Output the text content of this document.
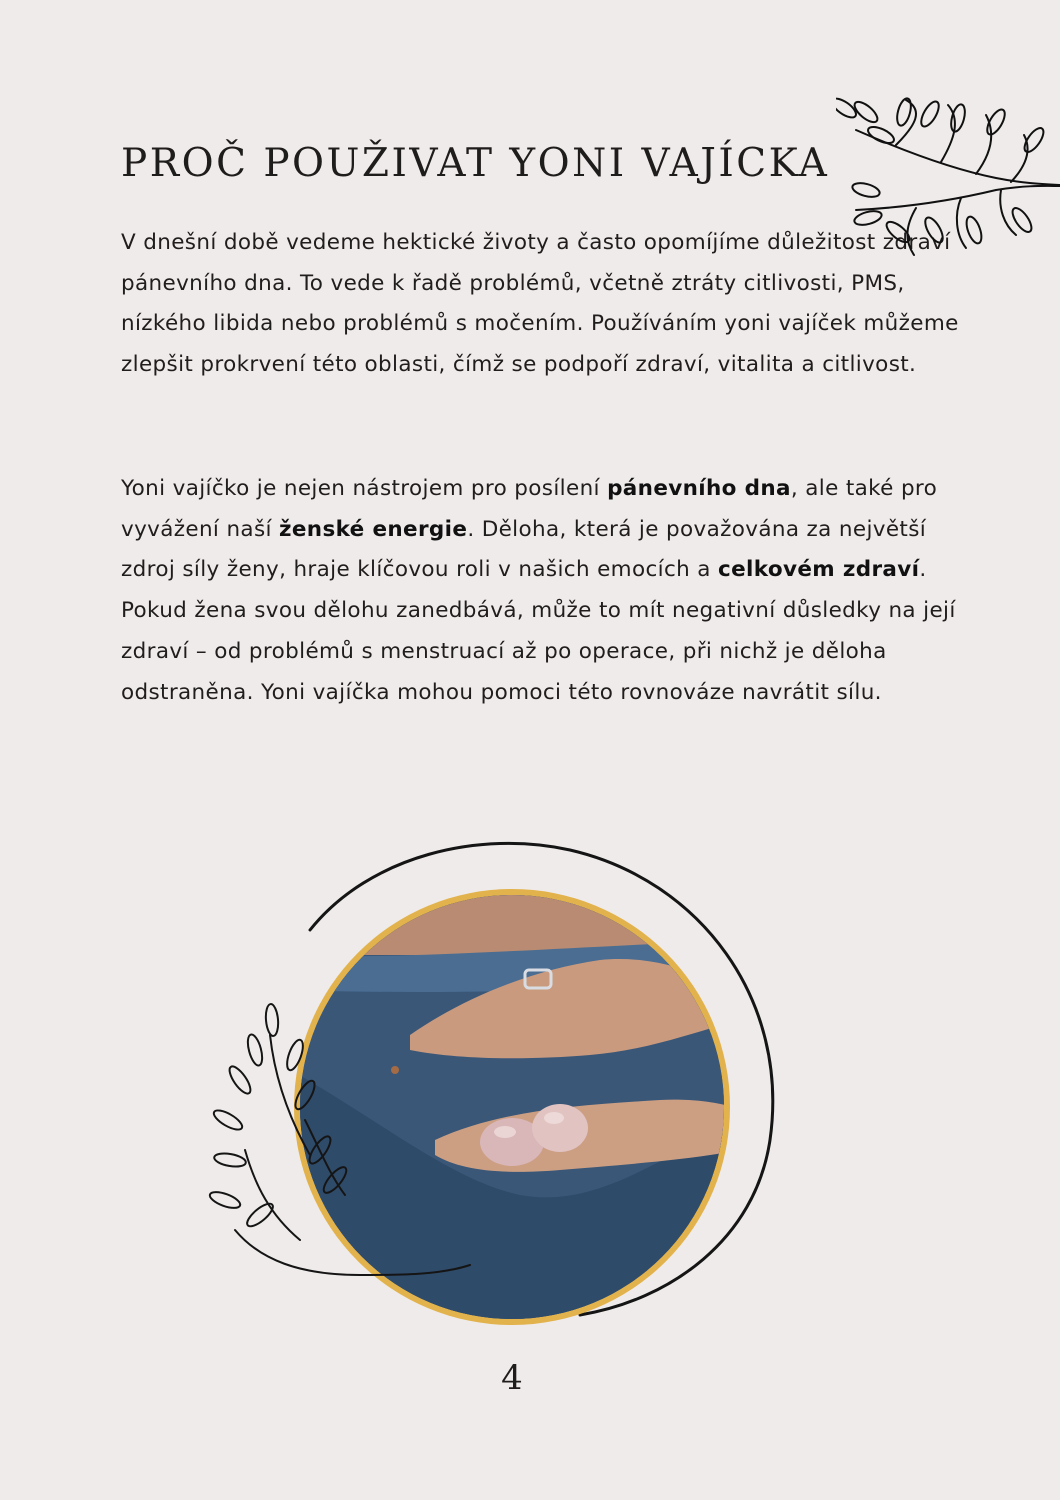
PROČ POUŽIVAT YONI VAJÍCKA

V dnešní době vedeme hektické životy a často opomíjíme důležitost zdraví pánevního dna. To vede k řadě problémů, včetně ztráty citlivosti, PMS, nízkého libida nebo problémů s močením. Používáním yoni vajíček můžeme zlepšit prokrvení této oblasti, čímž se podpoří zdraví, vitalita a citlivost.

Yoni vajíčko je nejen nástrojem pro posílení pánevního dna, ale také pro vyvážení naší ženské energie. Děloha, která je považována za největší zdroj síly ženy, hraje klíčovou roli v našich emocích a celkovém zdraví. Pokud žena svou dělohu zanedbává, může to mít negativní důsledky na její zdraví – od problémů s menstruací až po operace, při nichž je děloha odstraněna. Yoni vajíčka mohou pomoci této rovnováze navrátit sílu.

4
